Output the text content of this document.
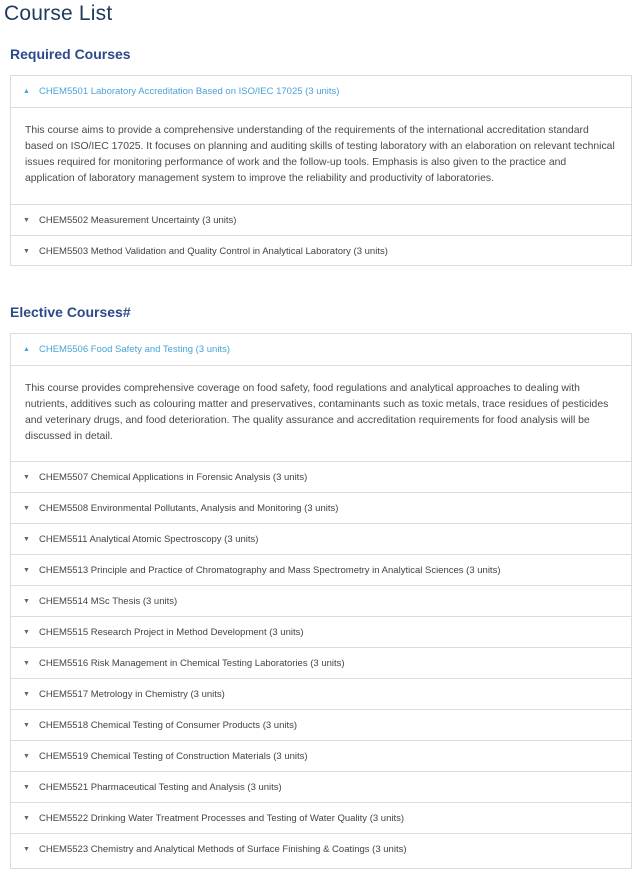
Course List
Required Courses
▲ CHEM5501 Laboratory Accreditation Based on ISO/IEC 17025 (3 units)
This course aims to provide a comprehensive understanding of the requirements of the international accreditation standard based on ISO/IEC 17025. It focuses on planning and auditing skills of testing laboratory with an elaboration on relevant technical issues required for monitoring performance of work and the follow-up tools. Emphasis is also given to the practice and application of laboratory management system to improve the reliability and productivity of laboratories.
▼ CHEM5502 Measurement Uncertainty (3 units)
▼ CHEM5503 Method Validation and Quality Control in Analytical Laboratory (3 units)
Elective Courses#
▲ CHEM5506 Food Safety and Testing (3 units)
This course provides comprehensive coverage on food safety, food regulations and analytical approaches to dealing with nutrients, additives such as colouring matter and preservatives, contaminants such as toxic metals, trace residues of pesticides and veterinary drugs, and food deterioration. The quality assurance and accreditation requirements for food analysis will be discussed in detail.
▼ CHEM5507 Chemical Applications in Forensic Analysis (3 units)
▼ CHEM5508 Environmental Pollutants, Analysis and Monitoring (3 units)
▼ CHEM5511 Analytical Atomic Spectroscopy (3 units)
▼ CHEM5513 Principle and Practice of Chromatography and Mass Spectrometry in Analytical Sciences (3 units)
▼ CHEM5514 MSc Thesis (3 units)
▼ CHEM5515 Research Project in Method Development (3 units)
▼ CHEM5516 Risk Management in Chemical Testing Laboratories (3 units)
▼ CHEM5517 Metrology in Chemistry (3 units)
▼ CHEM5518 Chemical Testing of Consumer Products (3 units)
▼ CHEM5519 Chemical Testing of Construction Materials (3 units)
▼ CHEM5521 Pharmaceutical Testing and Analysis (3 units)
▼ CHEM5522 Drinking Water Treatment Processes and Testing of Water Quality (3 units)
▼ CHEM5523 Chemistry and Analytical Methods of Surface Finishing & Coatings (3 units)
